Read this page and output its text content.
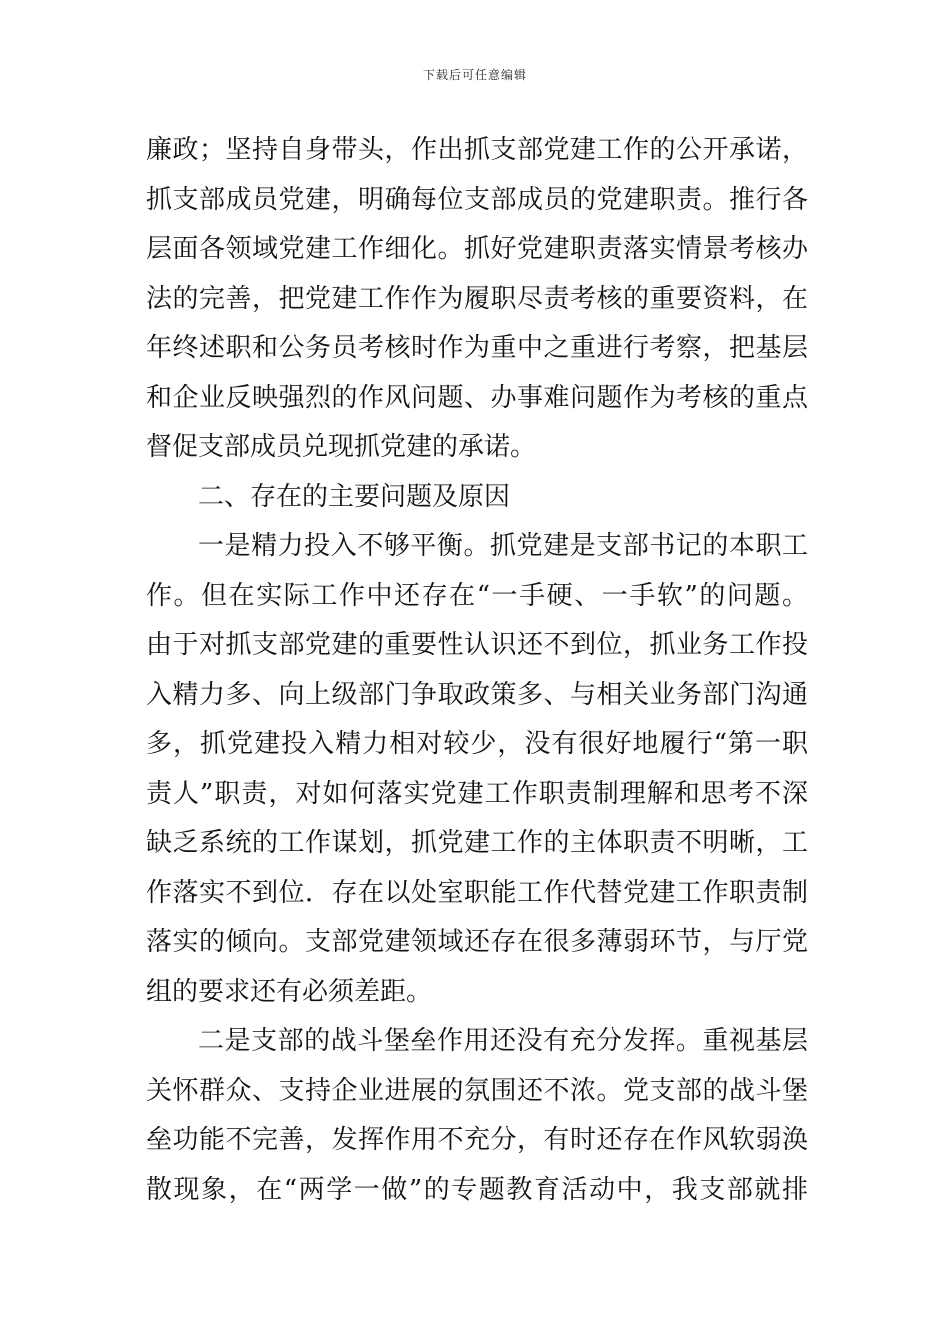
下载后可任意编辑
廉政；坚持自身带头，作出抓支部党建工作的公开承诺，
抓支部成员党建，明确每位支部成员的党建职责。推行各
层面各领域党建工作细化。抓好党建职责落实情景考核办
法的完善，把党建工作作为履职尽责考核的重要资料，在
年终述职和公务员考核时作为重中之重进行考察，把基层
和企业反映强烈的作风问题、办事难问题作为考核的重点
督促支部成员兑现抓党建的承诺。
二、存在的主要问题及原因
一是精力投入不够平衡。抓党建是支部书记的本职工
作。但在实际工作中还存在“一手硬、一手软”的问题。
由于对抓支部党建的重要性认识还不到位，抓业务工作投
入精力多、向上级部门争取政策多、与相关业务部门沟通
多，抓党建投入精力相对较少，没有很好地履行“第一职
责人”职责，对如何落实党建工作职责制理解和思考不深
缺乏系统的工作谋划，抓党建工作的主体职责不明晰，工
作落实不到位．存在以处室职能工作代替党建工作职责制
落实的倾向。支部党建领域还存在很多薄弱环节，与厅党
组的要求还有必须差距。
二是支部的战斗堡垒作用还没有充分发挥。重视基层
关怀群众、支持企业进展的氛围还不浓。党支部的战斗堡
垒功能不完善，发挥作用不充分，有时还存在作风软弱涣
散现象，在“两学一做”的专题教育活动中，我支部就排
